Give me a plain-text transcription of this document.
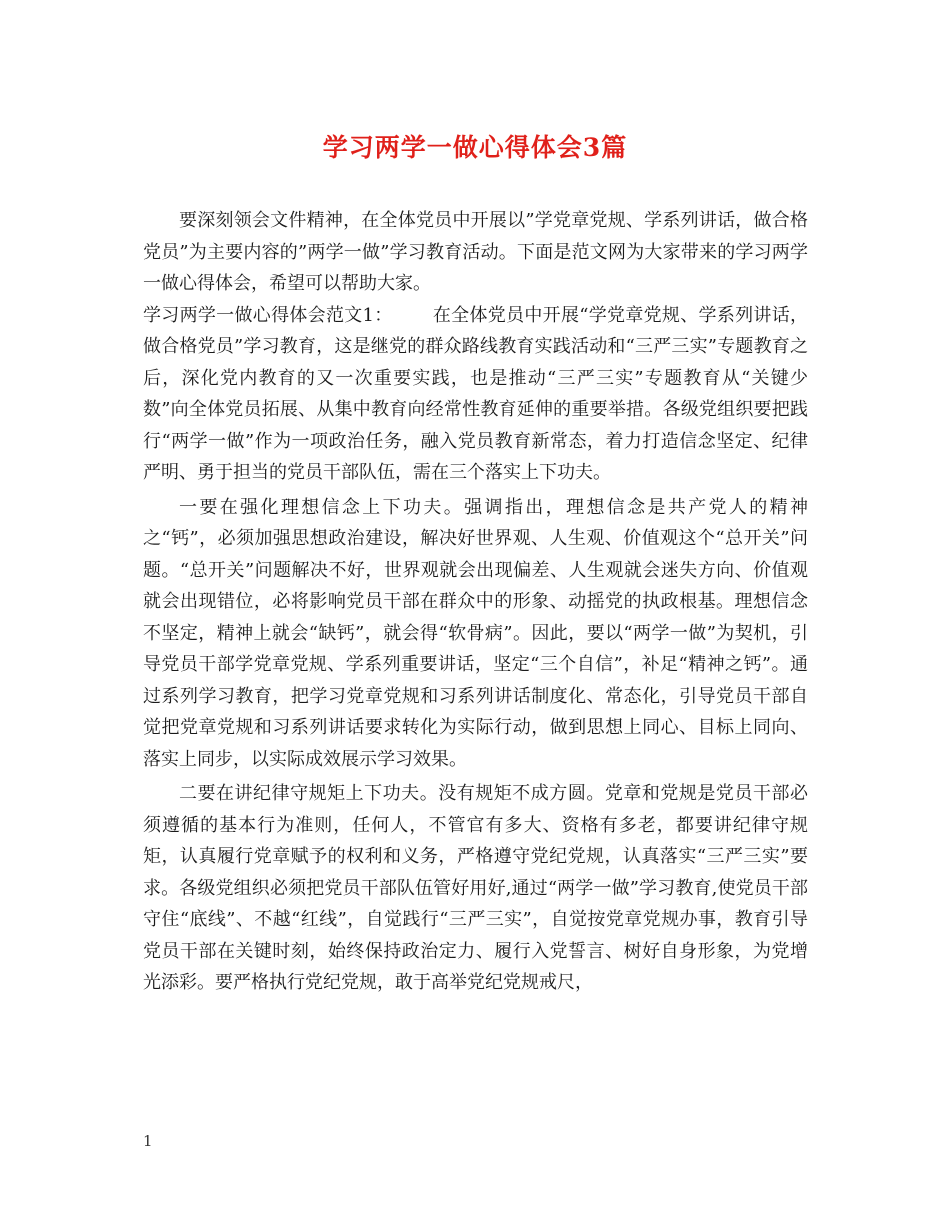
学习两学一做心得体会3篇

要深刻领会文件精神，在全体党员中开展以”学党章党规、学系列讲话，做合格党员”为主要内容的”两学一做”学习教育活动。下面是范文网为大家带来的学习两学一做心得体会，希望可以帮助大家。

学习两学一做心得体会范文1： 在全体党员中开展“学党章党规、学系列讲话，做合格党员”学习教育，这是继党的群众路线教育实践活动和“三严三实”专题教育之后，深化党内教育的又一次重要实践，也是推动“三严三实”专题教育从“关键少数”向全体党员拓展、从集中教育向经常性教育延伸的重要举措。各级党组织要把践行“两学一做”作为一项政治任务，融入党员教育新常态，着力打造信念坚定、纪律严明、勇于担当的党员干部队伍，需在三个落实上下功夫。

一要在强化理想信念上下功夫。强调指出，理想信念是共产党人的精神之“钙”，必须加强思想政治建设，解决好世界观、人生观、价值观这个“总开关”问题。“总开关”问题解决不好，世界观就会出现偏差、人生观就会迷失方向、价值观就会出现错位，必将影响党员干部在群众中的形象、动摇党的执政根基。理想信念不坚定，精神上就会“缺钙”，就会得“软骨病”。因此，要以“两学一做”为契机，引导党员干部学党章党规、学系列重要讲话，坚定“三个自信”，补足“精神之钙”。通过系列学习教育，把学习党章党规和习系列讲话制度化、常态化，引导党员干部自觉把党章党规和习系列讲话要求转化为实际行动，做到思想上同心、目标上同向、落实上同步，以实际成效展示学习效果。

二要在讲纪律守规矩上下功夫。没有规矩不成方圆。党章和党规是党员干部必须遵循的基本行为准则，任何人，不管官有多大、资格有多老，都要讲纪律守规矩，认真履行党章赋予的权利和义务，严格遵守党纪党规，认真落实“三严三实”要求。各级党组织必须把党员干部队伍管好用好,通过“两学一做”学习教育,使党员干部守住“底线”、不越“红线”，自觉践行“三严三实”，自觉按党章党规办事，教育引导党员干部在关键时刻，始终保持政治定力、履行入党誓言、树好自身形象，为党增光添彩。要严格执行党纪党规，敢于高举党纪党规戒尺，

1
